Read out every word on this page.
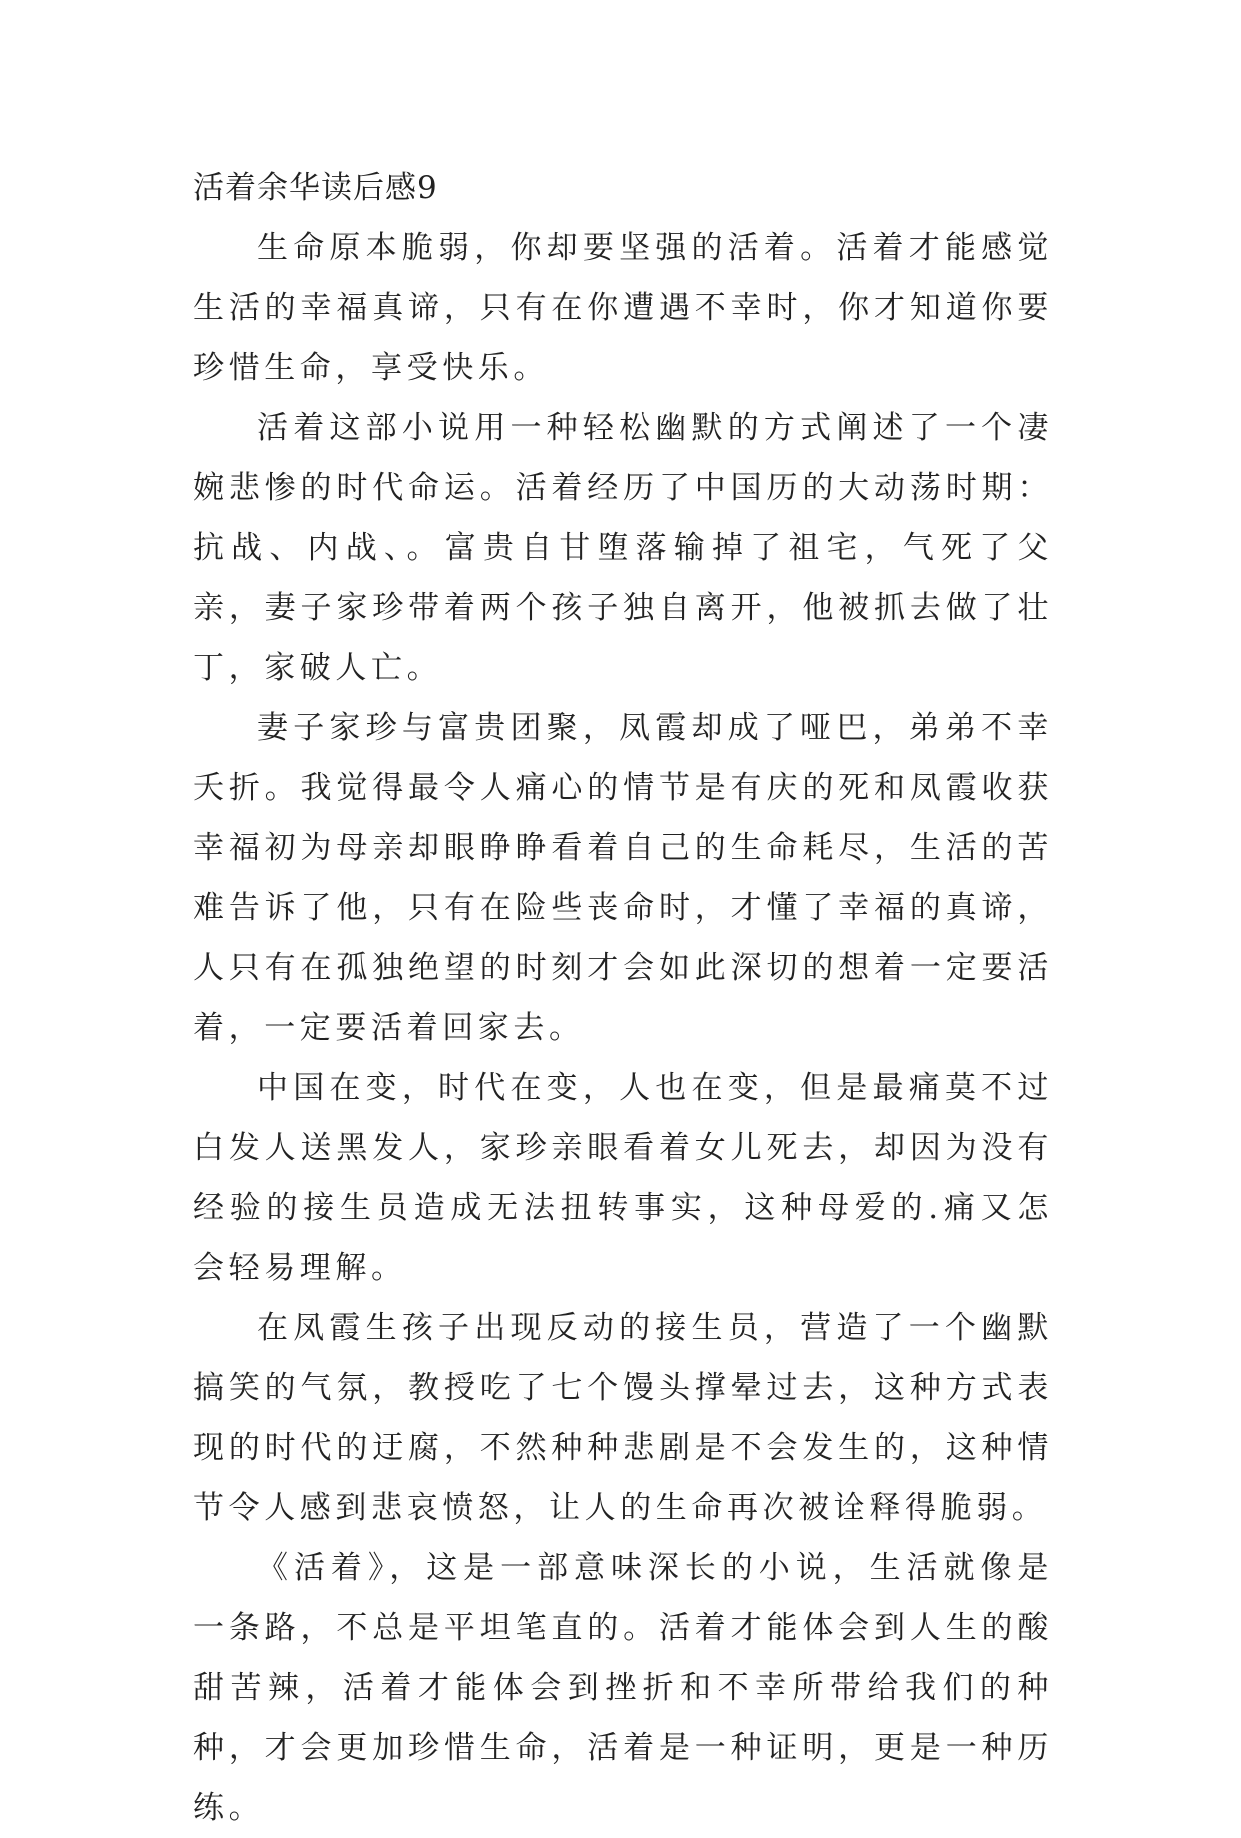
活着余华读后感9

生命原本脆弱，你却要坚强的活着。活着才能感觉生活的幸福真谛，只有在你遭遇不幸时，你才知道你要珍惜生命，享受快乐。

活着这部小说用一种轻松幽默的方式阐述了一个凄婉悲惨的时代命运。活着经历了中国历的大动荡时期：抗战、内战、。富贵自甘堕落输掉了祖宅，气死了父亲，妻子家珍带着两个孩子独自离开，他被抓去做了壮丁，家破人亡。

妻子家珍与富贵团聚，凤霞却成了哑巴，弟弟不幸夭折。我觉得最令人痛心的情节是有庆的死和凤霞收获幸福初为母亲却眼睁睁看着自己的生命耗尽，生活的苦难告诉了他，只有在险些丧命时，才懂了幸福的真谛，人只有在孤独绝望的时刻才会如此深切的想着一定要活着，一定要活着回家去。

中国在变，时代在变，人也在变，但是最痛莫不过白发人送黑发人，家珍亲眼看着女儿死去，却因为没有经验的接生员造成无法扭转事实，这种母爱的.痛又怎会轻易理解。

在凤霞生孩子出现反动的接生员，营造了一个幽默搞笑的气氛，教授吃了七个馒头撑晕过去，这种方式表现的时代的迂腐，不然种种悲剧是不会发生的，这种情节令人感到悲哀愤怒，让人的生命再次被诠释得脆弱。

《活着》，这是一部意味深长的小说，生活就像是一条路，不总是平坦笔直的。活着才能体会到人生的酸甜苦辣，活着才能体会到挫折和不幸所带给我们的种种，才会更加珍惜生命，活着是一种证明，更是一种历练。
